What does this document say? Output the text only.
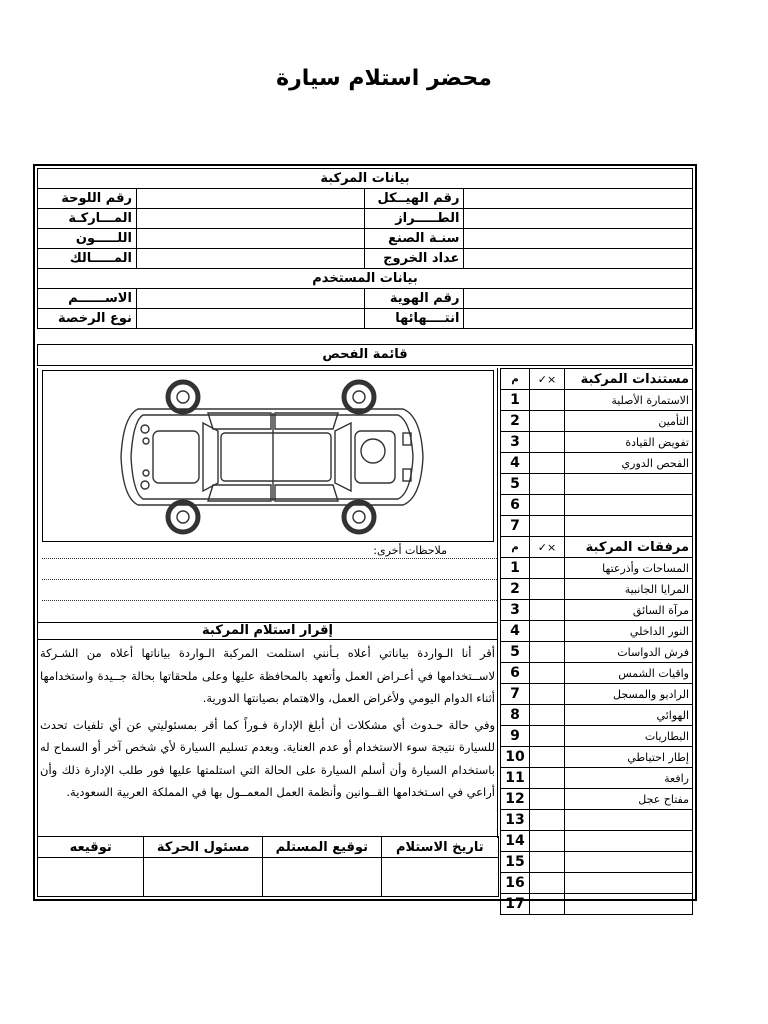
محضر استلام سيارة
بيانات المركبة			
رقم اللوحة		رقم الهيــكل	
المـــاركـة		الطـــــراز	
اللـــــون		سنـة الصنع	
المـــــالك		عداد الخروج	
بيانات المستخدم			
الاســــــم		رقم الهوية	
نوع الرخصة		انتــــهائها	
قائمة الفحص
ملاحظات أخرى:
إقرار استلام المركبة

أقر أنا الـواردة بياناتي أعلاه بـأنني استلمت المركبة الـواردة بياناتها أعلاه من الشـركة لاســتخدامها في أعـراض العمل وأتعهد بالمحافظة عليها وعلى ملحقاتها بحالة جــيدة واستخدامها أثناء الدوام اليومي ولأغراض العمل، والاهتمام بصيانتها الدورية.

وفي حالة حـدوث أي مشكلات أن أبلغ الإدارة فـوراً كما أقر بمسئوليتي عن أي تلفيات تحدث للسيارة نتيجة سوء الاستخدام أو عدم العناية. وبعدم تسليم السيارة لأي شخص آخر أو السماح له باستخدام السيارة وأن أسلم السيارة على الحالة التي استلمتها عليها فور طلب الإدارة ذلك وأن أراعي في اسـتخدامها القــوانين وأنظمة العمل المعمــول بها في المملكة العربية السعودية.

توقيعه	مسئول الحركة	توقيع المستلم	تاريخ الاستلام

م	×✓	مستندات المركبة
1		الاستمارة الأصلية
2		التأمين
3		تفويض القيادة
4		الفحص الدوري
5		
6		
7		
م	×✓	مرفقات المركبة
1		المساحات وأذرعتها
2		المرايا الجانبية
3		مرآة السائق
4		النور الداخلي
5		فرش الدواسات
6		واقيات الشمس
7		الراديو والمسجل
8		الهوائي
9		البطاريات
10		إطار احتياطي
11		رافعة
12		مفتاح عجل
13		
14		
15		
16		
17		
